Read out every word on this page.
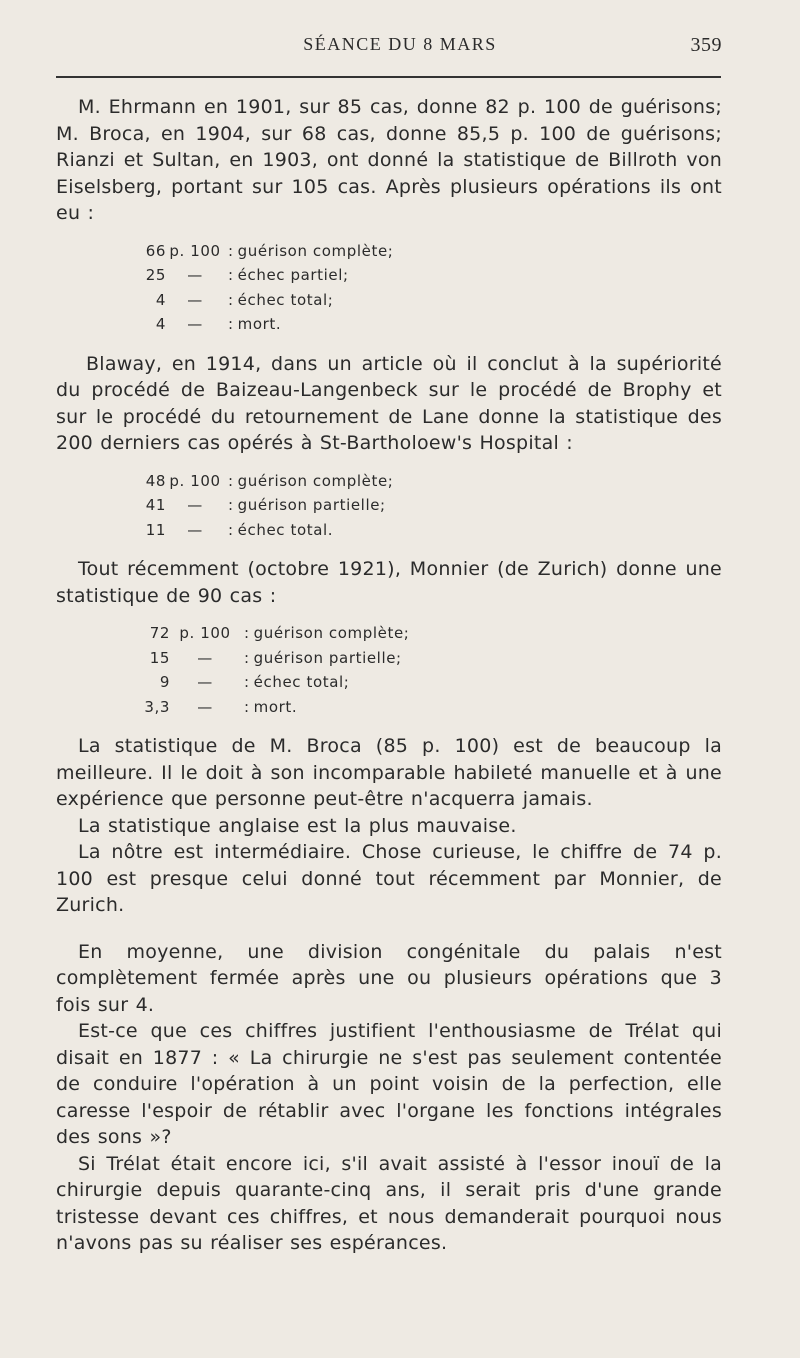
SÉANCE DU 8 MARS	359

M. Ehrmann en 1901, sur 85 cas, donne 82 p. 100 de guérisons; M. Broca, en 1904, sur 68 cas, donne 85,5 p. 100 de guérisons; Rianzi et Sultan, en 1903, ont donné la statistique de Billroth von Eiselsberg, portant sur 105 cas. Après plusieurs opérations ils ont eu :

66 p. 100 : guérison complète;
25	—	: échec partiel;
4	—	: échec total;
4	—	: mort.

Blaway, en 1914, dans un article où il conclut à la supériorité du procédé de Baizeau-Langenbeck sur le procédé de Brophy et sur le procédé du retournement de Lane donne la statistique des 200 derniers cas opérés à St-Bartholoew's Hospital :

48 p. 100 : guérison complète;
41	—	: guérison partielle;
11	—	: échec total.

Tout récemment (octobre 1921), Monnier (de Zurich) donne une statistique de 90 cas :

72 p. 100 : guérison complète;
15	—	: guérison partielle;
9	—	: échec total;
3,3	—	: mort.

La statistique de M. Broca (85 p. 100) est de beaucoup la meilleure. Il le doit à son incomparable habileté manuelle et à une expérience que personne peut-être n'acquerra jamais.

La statistique anglaise est la plus mauvaise.

La nôtre est intermédiaire. Chose curieuse, le chiffre de 74 p. 100 est presque celui donné tout récemment par Monnier, de Zurich.

En moyenne, une division congénitale du palais n'est complètement fermée après une ou plusieurs opérations que 3 fois sur 4.

Est-ce que ces chiffres justifient l'enthousiasme de Trélat qui disait en 1877 : « La chirurgie ne s'est pas seulement contentée de conduire l'opération à un point voisin de la perfection, elle caresse l'espoir de rétablir avec l'organe les fonctions intégrales des sons »?

Si Trélat était encore ici, s'il avait assisté à l'essor inouï de la chirurgie depuis quarante-cinq ans, il serait pris d'une grande tristesse devant ces chiffres, et nous demanderait pourquoi nous n'avons pas su réaliser ses espérances.
